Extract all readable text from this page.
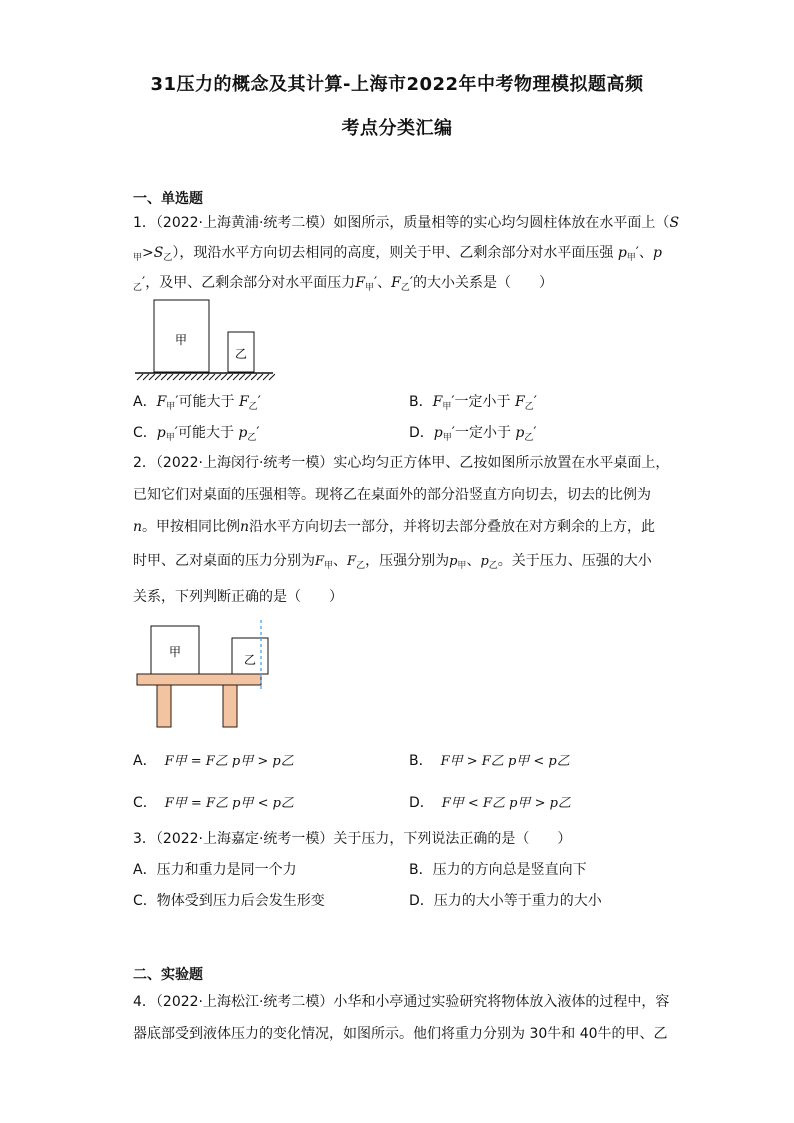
31压力的概念及其计算-上海市2022年中考物理模拟题高频
考点分类汇编
一、单选题
1．（2022·上海黄浦·统考二模）如图所示，质量相等的实心均匀圆柱体放在水平面上（S
$_甲>S_乙$），现沿水平方向切去相同的高度，则关于甲、乙剩余部分对水平面压强 $p_甲'$、p
$_乙$′，及甲、乙剩余部分对水平面压力$F_甲'$、$F_乙'$的大小关系是（　　）
甲
乙
A．$F_甲'$可能大于 $F_乙'$	B．$F_甲'$一定小于 $F_乙'$
C．$p_甲'$可能大于 $p_乙'$	D．$p_甲'$一定小于 $p_乙'$
2．（2022·上海闵行·统考一模）实心均匀正方体甲、乙按如图所示放置在水平桌面上，
已知它们对桌面的压强相等。现将乙在桌面外的部分沿竖直方向切去，切去的比例为
n。甲按相同比例n沿水平方向切去一部分，并将切去部分叠放在对方剩余的上方，此
时甲、乙对桌面的压力分别为$F_甲$、$F_乙$，压强分别为$p_甲$、$p_乙$。关于压力、压强的大小
关系，下列判断正确的是（　　）
甲
乙
A． F甲 = F乙 p甲 > p乙	B． F甲 > F乙 p甲 < p乙
C． F甲 = F乙 p甲 < p乙	D． F甲 < F乙 p甲 > p乙
3．（2022·上海嘉定·统考一模）关于压力，下列说法正确的是（　　）
A．压力和重力是同一个力	B．压力的方向总是竖直向下
C．物体受到压力后会发生形变	D．压力的大小等于重力的大小
二、实验题
4．（2022·上海松江·统考二模）小华和小亭通过实验研究将物体放入液体的过程中，容
器底部受到液体压力的变化情况，如图所示。他们将重力分别为 30牛和 40牛的甲、乙
